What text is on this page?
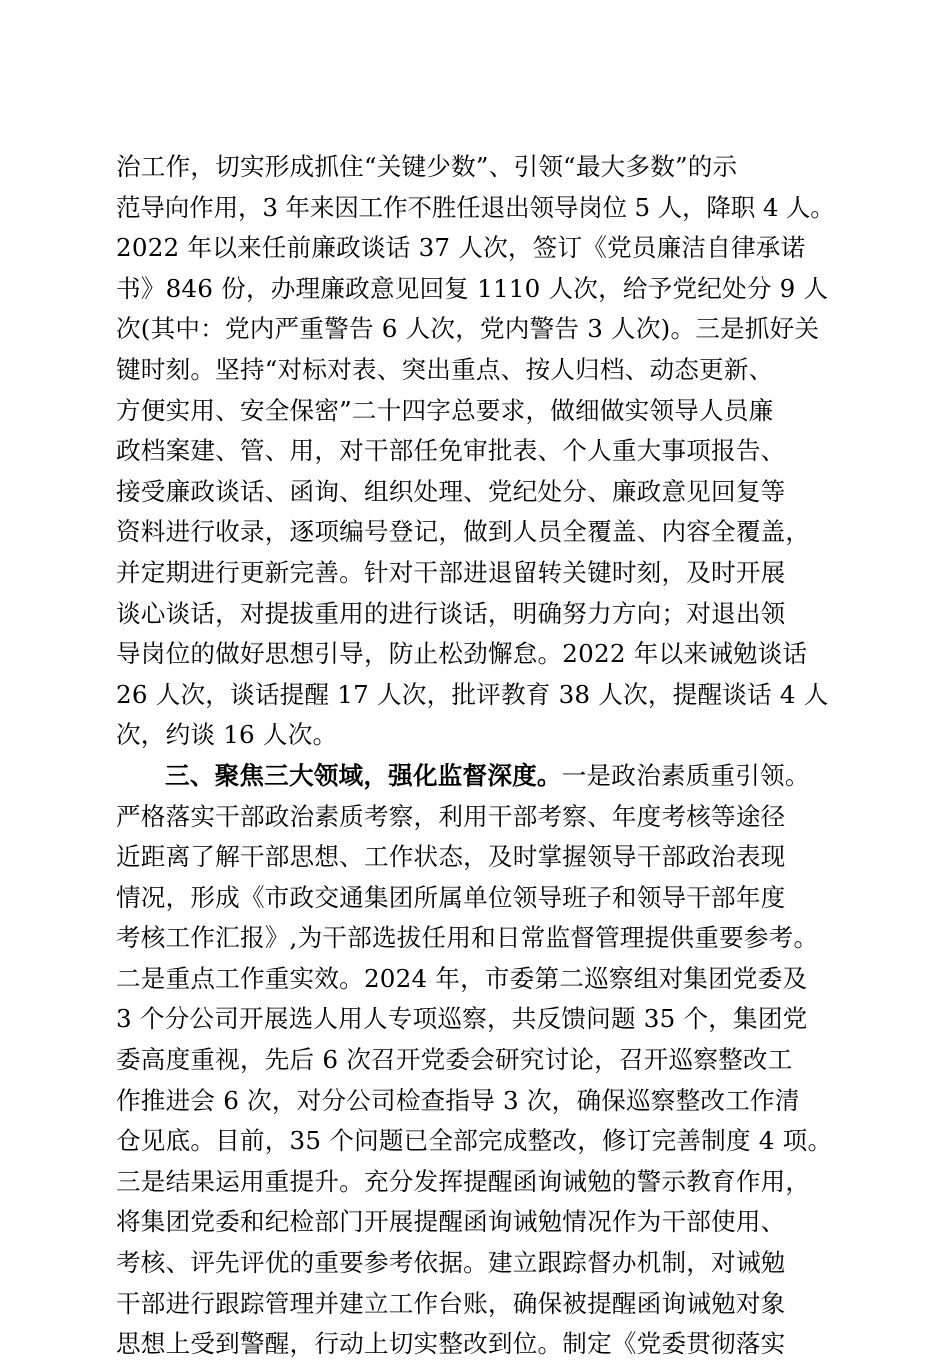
治工作，切实形成抓住“关键少数”、引领“最大多数”的示
范导向作用，3 年来因工作不胜任退出领导岗位 5 人，降职 4 人。
2022 年以来任前廉政谈话 37 人次，签订《党员廉洁自律承诺
书》846 份，办理廉政意见回复 1110 人次，给予党纪处分 9 人
次(其中：党内严重警告 6 人次，党内警告 3 人次)。三是抓好关
键时刻。坚持“对标对表、突出重点、按人归档、动态更新、
方便实用、安全保密”二十四字总要求，做细做实领导人员廉
政档案建、管、用，对干部任免审批表、个人重大事项报告、
接受廉政谈话、函询、组织处理、党纪处分、廉政意见回复等
资料进行收录，逐项编号登记，做到人员全覆盖、内容全覆盖，
并定期进行更新完善。针对干部进退留转关键时刻，及时开展
谈心谈话，对提拔重用的进行谈话，明确努力方向；对退出领
导岗位的做好思想引导，防止松劲懈怠。2022 年以来诫勉谈话
26 人次，谈话提醒 17 人次，批评教育 38 人次，提醒谈话 4 人
次，约谈 16 人次。
三、聚焦三大领域，强化监督深度。一是政治素质重引领。
严格落实干部政治素质考察，利用干部考察、年度考核等途径
近距离了解干部思想、工作状态，及时掌握领导干部政治表现
情况，形成《市政交通集团所属单位领导班子和领导干部年度
考核工作汇报》,为干部选拔任用和日常监督管理提供重要参考。
二是重点工作重实效。2024 年，市委第二巡察组对集团党委及
3 个分公司开展选人用人专项巡察，共反馈问题 35 个，集团党
委高度重视，先后 6 次召开党委会研究讨论，召开巡察整改工
作推进会 6 次，对分公司检查指导 3 次，确保巡察整改工作清
仓见底。目前，35 个问题已全部完成整改，修订完善制度 4 项。
三是结果运用重提升。充分发挥提醒函询诫勉的警示教育作用，
将集团党委和纪检部门开展提醒函询诫勉情况作为干部使用、
考核、评先评优的重要参考依据。建立跟踪督办机制，对诫勉
干部进行跟踪管理并建立工作台账，确保被提醒函询诫勉对象
思想上受到警醒，行动上切实整改到位。制定《党委贯彻落实
